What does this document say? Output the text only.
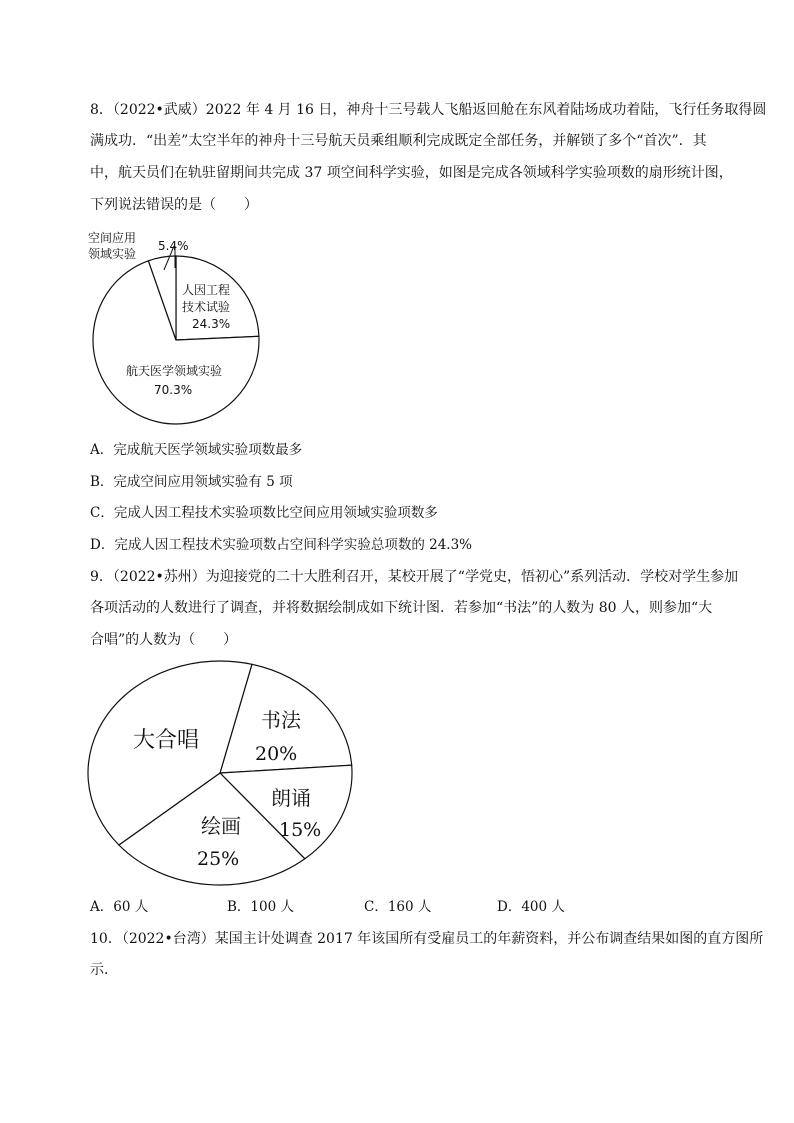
8．（2022•武威）2022 年 4 月 16 日，神舟十三号载人飞船返回舱在东风着陆场成功着陆，飞行任务取得圆
满成功．“出差”太空半年的神舟十三号航天员乘组顺利完成既定全部任务，并解锁了多个“首次”．其
中，航天员们在轨驻留期间共完成 37 项空间科学实验，如图是完成各领域科学实验项数的扇形统计图，
下列说法错误的是（　　）
空间应用
领域实验
5.4%
人因工程
技术试验
24.3%
航天医学领域实验
70.3%
A．完成航天医学领域实验项数最多
B．完成空间应用领域实验有 5 项
C．完成人因工程技术实验项数比空间应用领域实验项数多
D．完成人因工程技术实验项数占空间科学实验总项数的 24.3%
9．（2022•苏州）为迎接党的二十大胜利召开，某校开展了“学党史，悟初心”系列活动．学校对学生参加
各项活动的人数进行了调查，并将数据绘制成如下统计图．若参加“书法”的人数为 80 人，则参加“大
合唱”的人数为（　　）
大合唱
书法
20%
朗诵
15%
绘画
25%
A．60 人	B．100 人	C．160 人	D．400 人
10．（2022•台湾）某国主计处调查 2017 年该国所有受雇员工的年薪资料，并公布调查结果如图的直方图所
示．
